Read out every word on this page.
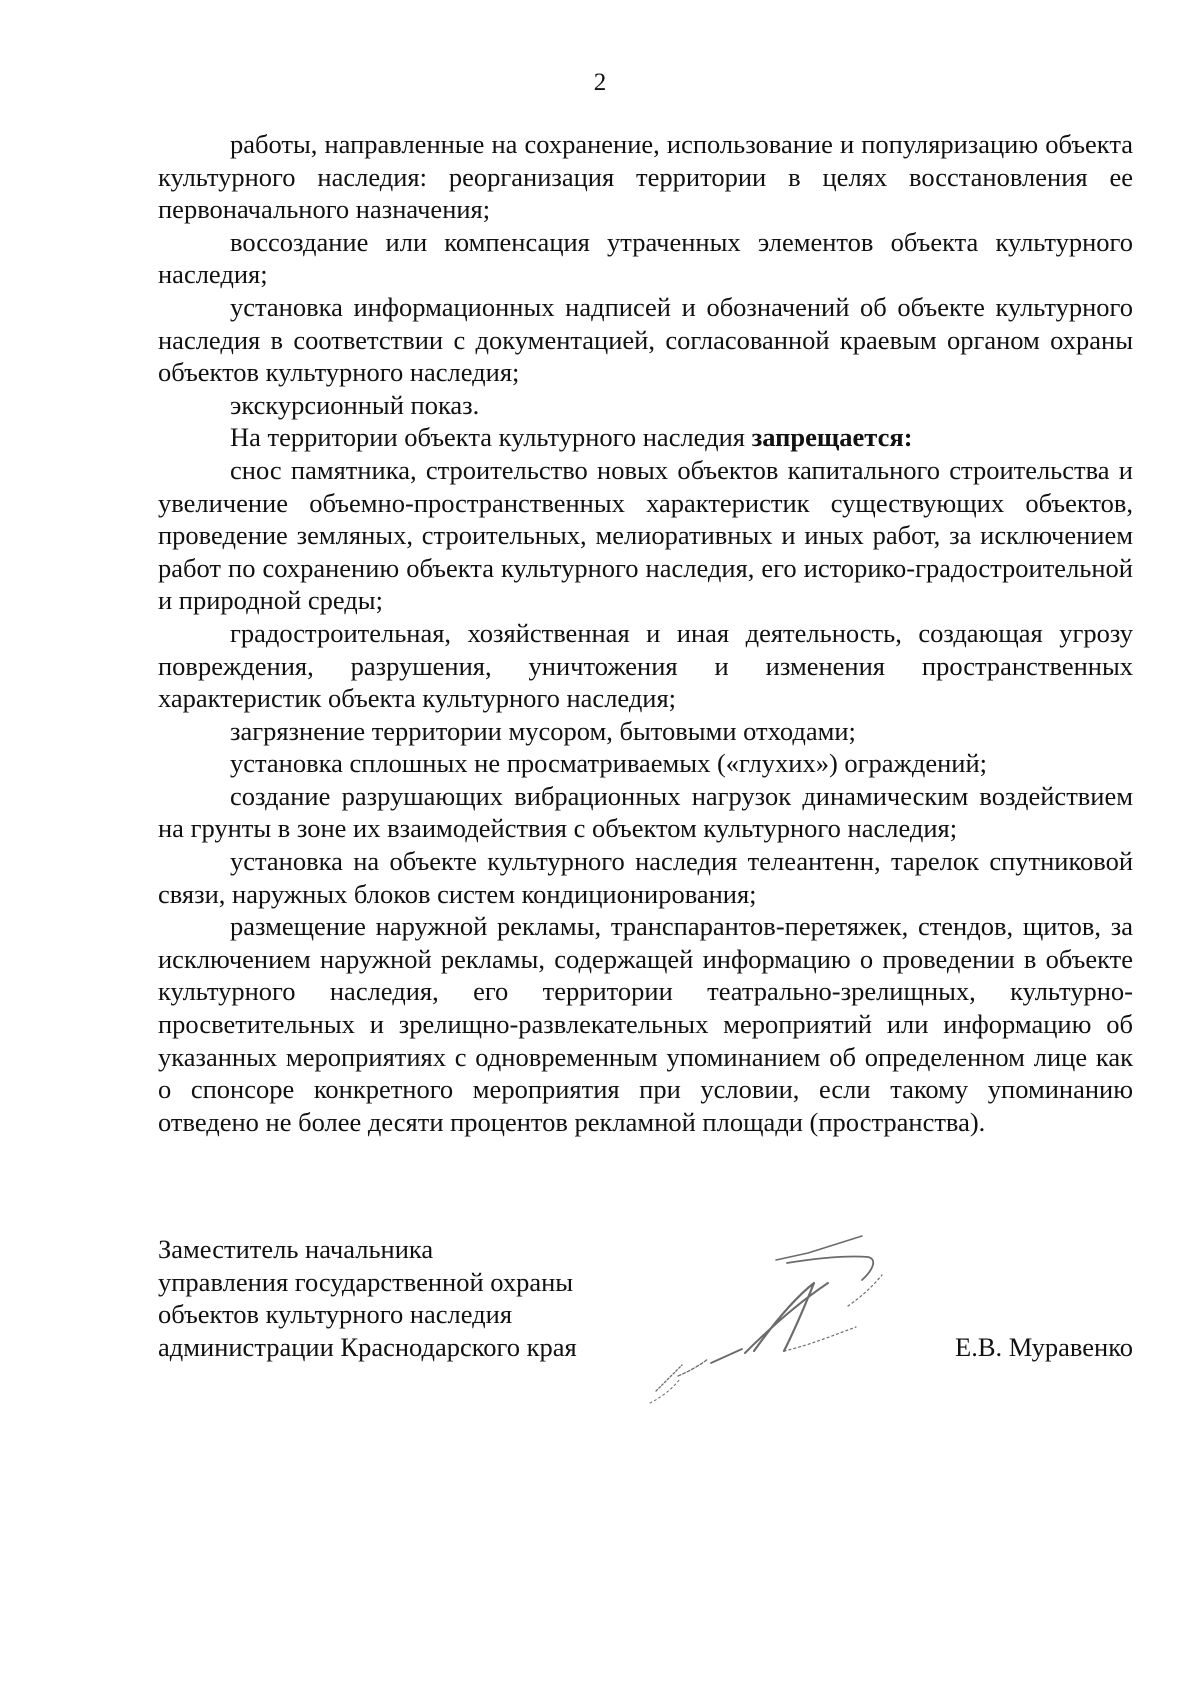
2

работы, направленные на сохранение, использование и популяризацию объекта культурного наследия: реорганизация территории в целях восстановления ее первоначального назначения;

воссоздание или компенсация утраченных элементов объекта культурного наследия;

установка информационных надписей и обозначений об объекте культурного наследия в соответствии с документацией, согласованной краевым органом охраны объектов культурного наследия;

экскурсионный показ.

На территории объекта культурного наследия запрещается:

снос памятника, строительство новых объектов капитального строительства и увеличение объемно-пространственных характеристик существующих объектов, проведение земляных, строительных, мелиоративных и иных работ, за исключением работ по сохранению объекта культурного наследия, его историко-градостроительной и природной среды;

градостроительная, хозяйственная и иная деятельность, создающая угрозу повреждения, разрушения, уничтожения и изменения пространственных характеристик объекта культурного наследия;

загрязнение территории мусором, бытовыми отходами;

установка сплошных не просматриваемых («глухих») ограждений;

создание разрушающих вибрационных нагрузок динамическим воздействием на грунты в зоне их взаимодействия с объектом культурного наследия;

установка на объекте культурного наследия телеантенн, тарелок спутниковой связи, наружных блоков систем кондиционирования;

размещение наружной рекламы, транспарантов-перетяжек, стендов, щитов, за исключением наружной рекламы, содержащей информацию о проведении в объекте культурного наследия, его территории театрально-зрелищных, культурно-просветительных и зрелищно-развлекательных мероприятий или информацию об указанных мероприятиях с одновременным упоминанием об определенном лице как о спонсоре конкретного мероприятия при условии, если такому упоминанию отведено не более десяти процентов рекламной площади (пространства).

Заместитель начальника
управления государственной охраны
объектов культурного наследия
администрации Краснодарского края	Е.В. Муравенко
